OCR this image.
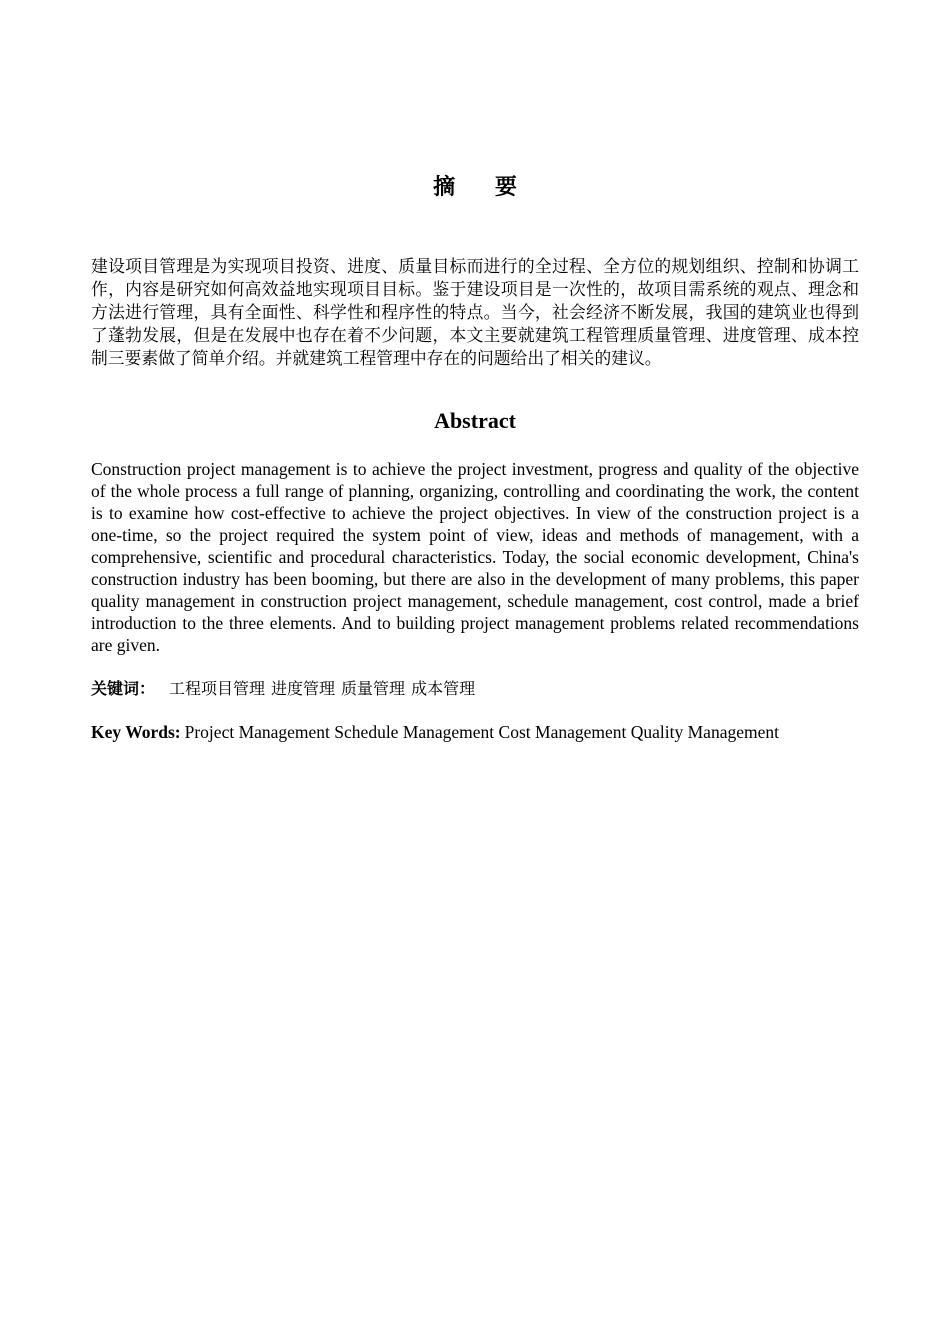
摘 要

建设项目管理是为实现项目投资、进度、质量目标而进行的全过程、全方位的规划组织、控制和协调工作，内容是研究如何高效益地实现项目目标。鉴于建设项目是一次性的，故项目需系统的观点、理念和方法进行管理，具有全面性、科学性和程序性的特点。当今，社会经济不断发展，我国的建筑业也得到了蓬勃发展，但是在发展中也存在着不少问题，本文主要就建筑工程管理质量管理、进度管理、成本控制三要素做了简单介绍。并就建筑工程管理中存在的问题给出了相关的建议。

Abstract

Construction project management is to achieve the project investment, progress and quality of the objective of the whole process a full range of planning, organizing, controlling and coordinating the work, the content is to examine how cost-effective to achieve the project objectives. In view of the construction project is a one-time, so the project required the system point of view, ideas and methods of management, with a comprehensive, scientific and procedural characteristics. Today, the social economic development, China's construction industry has been booming, but there are also in the development of many problems, this paper quality management in construction project management, schedule management, cost control, made a brief introduction to the three elements. And to building project management problems related recommendations are given.

关键词： 工程项目管理 进度管理 质量管理 成本管理
Key Words: Project Management Schedule Management Cost Management Quality Management
